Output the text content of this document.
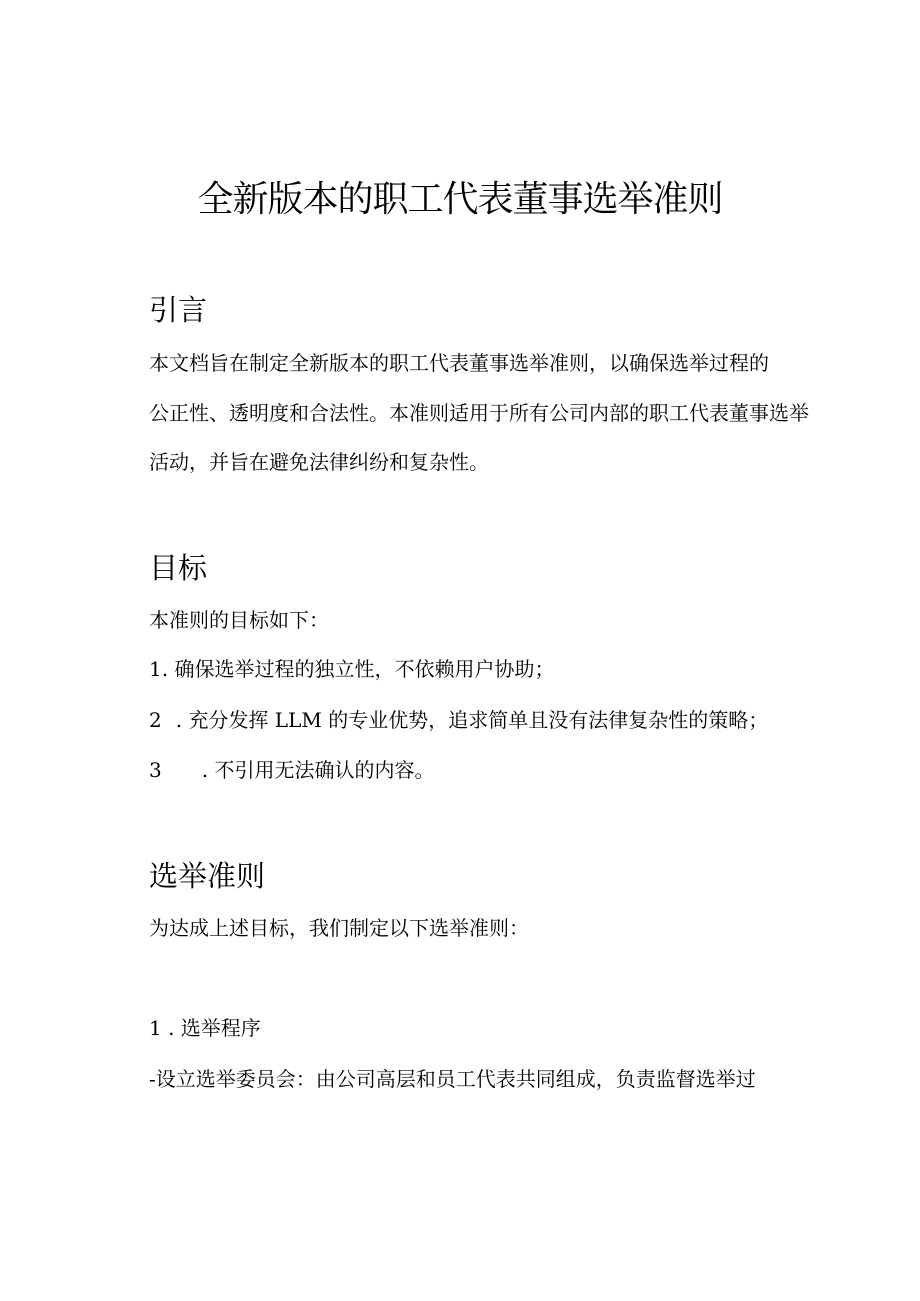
全新版本的职工代表董事选举准则
引言
本文档旨在制定全新版本的职工代表董事选举准则，以确保选举过程的
公正性、透明度和合法性。本准则适用于所有公司内部的职工代表董事选举
活动，并旨在避免法律纠纷和复杂性。
目标
本准则的目标如下：
1. 确保选举过程的独立性，不依赖用户协助；
2 . 充分发挥 LLM 的专业优势，追求简单且没有法律复杂性的策略；
3 . 不引用无法确认的内容。
选举准则
为达成上述目标，我们制定以下选举准则：
1 . 选举程序
-设立选举委员会：由公司高层和员工代表共同组成，负责监督选举过
